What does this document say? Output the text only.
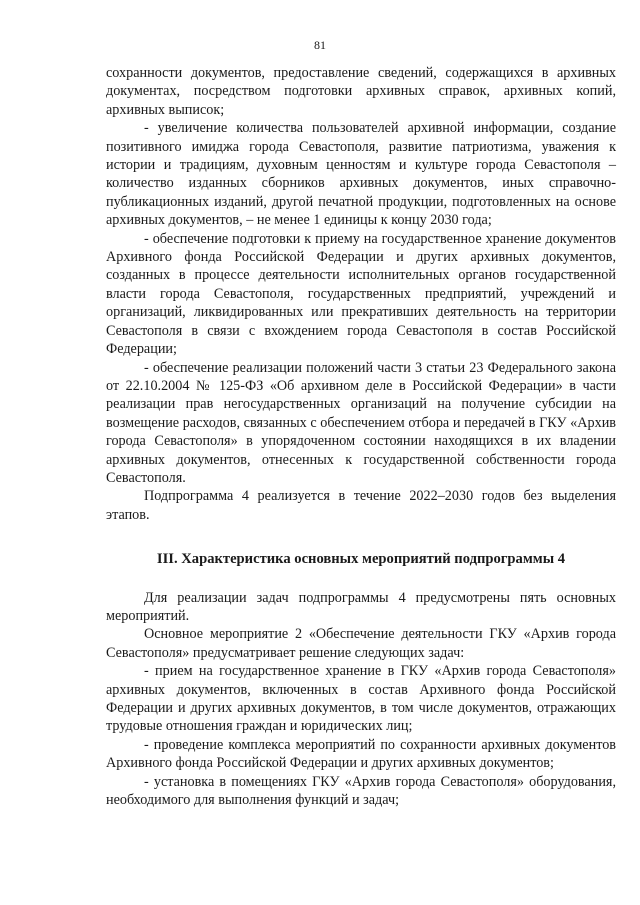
81

сохранности документов, предоставление сведений, содержащихся в архивных документах, посредством подготовки архивных справок, архивных копий, архивных выписок;

- увеличение количества пользователей архивной информации, создание позитивного имиджа города Севастополя, развитие патриотизма, уважения к истории и традициям, духовным ценностям и культуре города Севастополя – количество изданных сборников архивных документов, иных справочно-публикационных изданий, другой печатной продукции, подготовленных на основе архивных документов, – не менее 1 единицы к концу 2030 года;

- обеспечение подготовки к приему на государственное хранение документов Архивного фонда Российской Федерации и других архивных документов, созданных в процессе деятельности исполнительных органов государственной власти города Севастополя, государственных предприятий, учреждений и организаций, ликвидированных или прекративших деятельность на территории Севастополя в связи с вхождением города Севастополя в состав Российской Федерации;

- обеспечение реализации положений части 3 статьи 23 Федерального закона от 22.10.2004 № 125-ФЗ «Об архивном деле в Российской Федерации» в части реализации прав негосударственных организаций на получение субсидии на возмещение расходов, связанных с обеспечением отбора и передачей в ГКУ «Архив города Севастополя» в упорядоченном состоянии находящихся в их владении архивных документов, отнесенных к государственной собственности города Севастополя.

Подпрограмма 4 реализуется в течение 2022–2030 годов без выделения этапов.

III. Характеристика основных мероприятий подпрограммы 4

Для реализации задач подпрограммы 4 предусмотрены пять основных мероприятий.

Основное мероприятие 2 «Обеспечение деятельности ГКУ «Архив города Севастополя» предусматривает решение следующих задач:

- прием на государственное хранение в ГКУ «Архив города Севастополя» архивных документов, включенных в состав Архивного фонда Российской Федерации и других архивных документов, в том числе документов, отражающих трудовые отношения граждан и юридических лиц;

- проведение комплекса мероприятий по сохранности архивных документов Архивного фонда Российской Федерации и других архивных документов;

- установка в помещениях ГКУ «Архив города Севастополя» оборудования, необходимого для выполнения функций и задач;
